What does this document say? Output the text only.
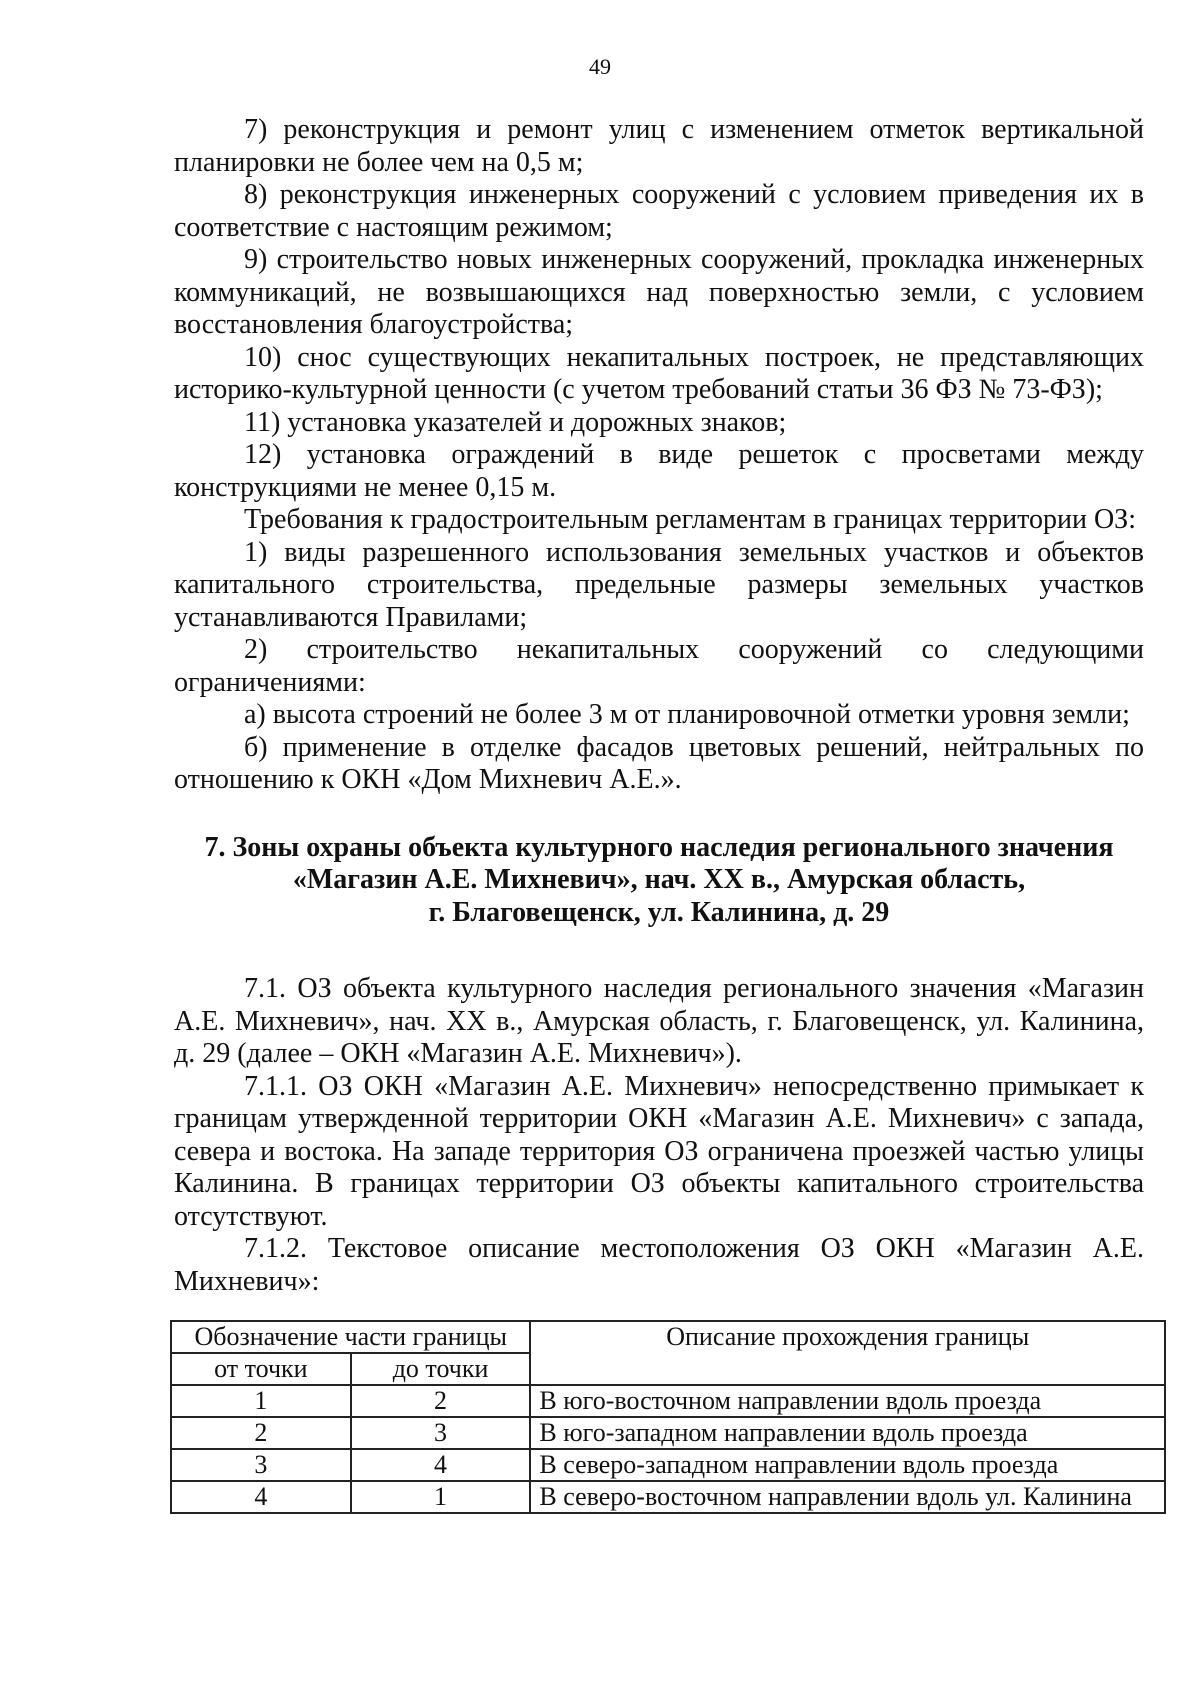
49

7) реконструкция и ремонт улиц с изменением отметок вертикальной планировки не более чем на 0,5 м;

8) реконструкция инженерных сооружений с условием приведения их в соответствие с настоящим режимом;

9) строительство новых инженерных сооружений, прокладка инженерных коммуникаций, не возвышающихся над поверхностью земли, с условием восстановления благоустройства;

10) снос существующих некапитальных построек, не представляющих историко-культурной ценности (с учетом требований статьи 36 ФЗ № 73-ФЗ);

11) установка указателей и дорожных знаков;

12) установка ограждений в виде решеток с просветами между конструкциями не менее 0,15 м.

Требования к градостроительным регламентам в границах территории ОЗ:

1) виды разрешенного использования земельных участков и объектов капитального строительства, предельные размеры земельных участков устанавливаются Правилами;

2) строительство некапитальных сооружений со следующими ограничениями:

а) высота строений не более 3 м от планировочной отметки уровня земли;

б) применение в отделке фасадов цветовых решений, нейтральных по отношению к ОКН «Дом Михневич А.Е.».

7. Зоны охраны объекта культурного наследия регионального значения

«Магазин А.Е. Михневич», нач. XX в., Амурская область,

г. Благовещенск, ул. Калинина, д. 29

7.1. ОЗ объекта культурного наследия регионального значения «Магазин А.Е. Михневич», нач. XX в., Амурская область, г. Благовещенск, ул. Калинина, д. 29 (далее – ОКН «Магазин А.Е. Михневич»).

7.1.1. ОЗ ОКН «Магазин А.Е. Михневич» непосредственно примыкает к границам утвержденной территории ОКН «Магазин А.Е. Михневич» с запада, севера и востока. На западе территория ОЗ ограничена проезжей частью улицы Калинина. В границах территории ОЗ объекты капитального строительства отсутствуют.

7.1.2. Текстовое описание местоположения ОЗ ОКН «Магазин А.Е. Михневич»:

Обозначение части границы		Описание прохождения границы
от точки	до точки	
1	2	В юго-восточном направлении вдоль проезда
2	3	В юго-западном направлении вдоль проезда
3	4	В северо-западном направлении вдоль проезда
4	1	В северо-восточном направлении вдоль ул. Калинина
